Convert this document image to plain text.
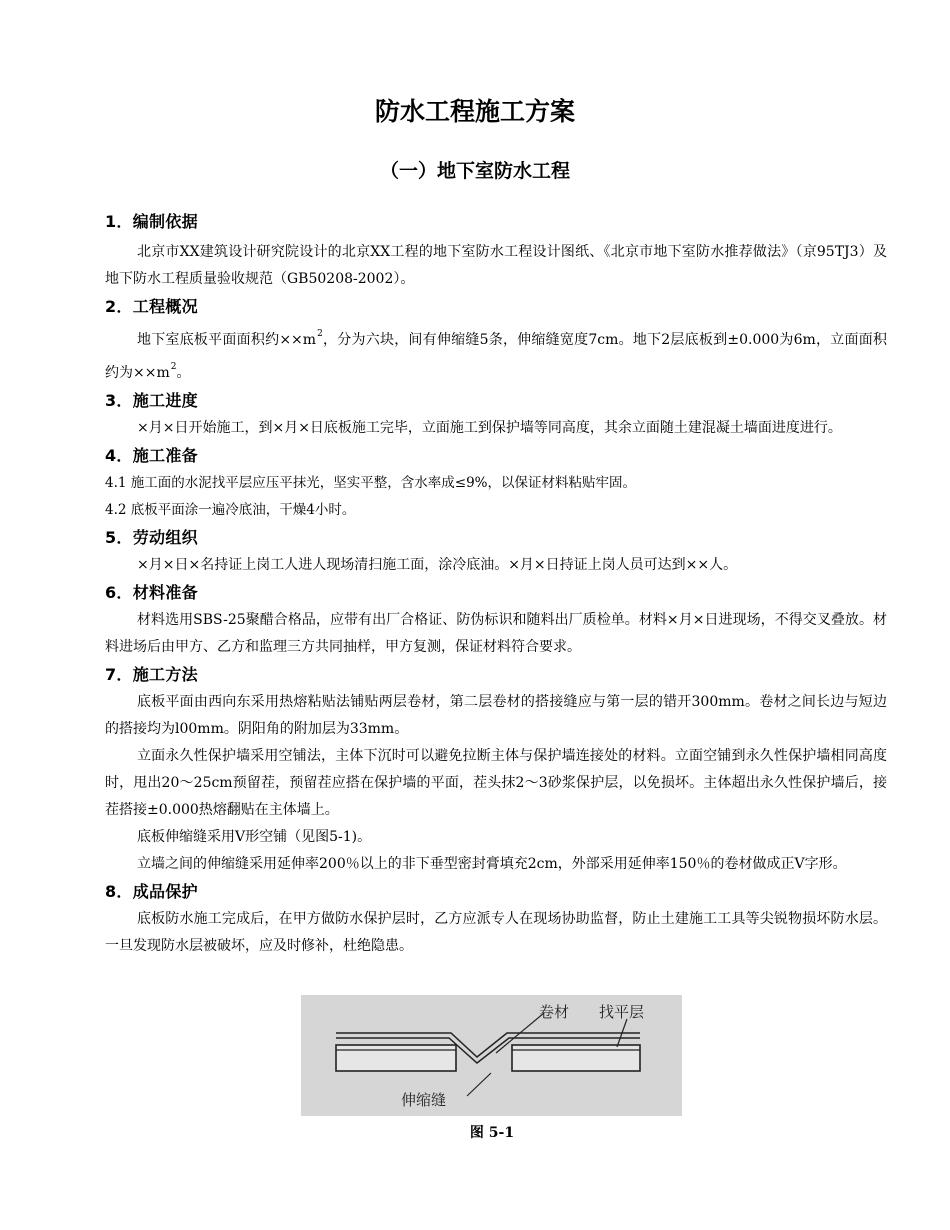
防水工程施工方案
（一）地下室防水工程
1．编制依据
北京市XX建筑设计研究院设计的北京XX工程的地下室防水工程设计图纸、《北京市地下室防水推荐做法》（京95TJ3）及地下防水工程质量验收规范（GB50208-2002）。
2．工程概况
地下室底板平面面积约$\times\times m^2$，分为六块，间有伸缩缝5条，伸缩缝宽度7cm。地下2层底板到±0.000为6m，立面面积约为$\times\times m^2$。
3．施工进度
×月×日开始施工，到×月×日底板施工完毕，立面施工到保护墙等同高度，其余立面随土建混凝土墙面进度进行。
4．施工准备
4.1 施工面的水泥找平层应压平抹光，坚实平整，含水率成≤9%，以保证材料粘贴牢固。
4.2 底板平面涂一遍冷底油，干燥4小时。
5．劳动组织
×月×日×名持证上岗工人进人现场清扫施工面，涂冷底油。×月×日持证上岗人员可达到××人。
6．材料准备
材料选用SBS-25聚醋合格品，应带有出厂合格证、防伪标识和随料出厂质检单。材料×月×日进现场，不得交叉叠放。材料进场后由甲方、乙方和监理三方共同抽样，甲方复测，保证材料符合要求。
7．施工方法
底板平面由西向东采用热熔粘贴法铺贴两层卷材，第二层卷材的搭接缝应与第一层的错开300mm。卷材之间长边与短边的搭接均为l00mm。阴阳角的附加层为33mm。
立面永久性保护墙采用空铺法，主体下沉时可以避免拉断主体与保护墙连接处的材料。立面空铺到永久性保护墙相同高度时，甩出20～25cm预留茬，预留茬应搭在保护墙的平面，茬头抹2～3砂浆保护层，以免损坏。主体超出永久性保护墙后，接茬搭接±0.000热熔翻贴在主体墙上。
底板伸缩缝采用V形空铺（见图5-1)。
立墙之间的伸缩缝采用延伸率200％以上的非下垂型密封膏填充2cm，外部采用延伸率150％的卷材做成正V字形。
8．成品保护
底板防水施工完成后，在甲方做防水保护层时，乙方应派专人在现场协助监督，防止土建施工工具等尖锐物损坏防水层。一旦发现防水层被破坏，应及时修补，杜绝隐患。
卷材 找平层
伸缩缝
图 5-1
